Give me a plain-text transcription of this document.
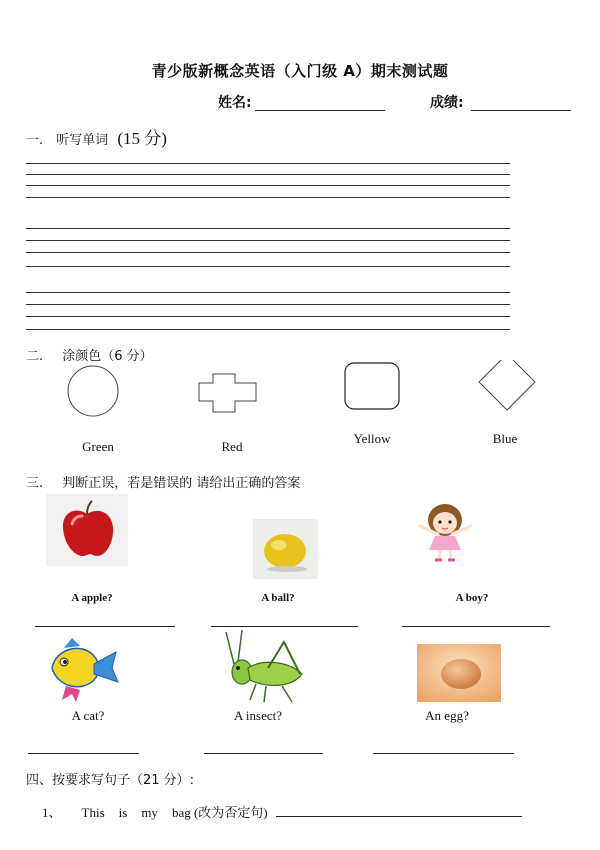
青少版新概念英语（入门级 A）期末测试题
姓名:	成绩:
一. 听写单词 (15 分)
二. 涂颜色（6 分）
Green	Red
Yellow	Blue
三. 判断正误，若是错误的 请给出正确的答案
A apple?	A ball?	A boy?
A cat?	A insect?	An egg?
四、按要求写句子（21 分）:
1、 This is my bag (改为否定句)
